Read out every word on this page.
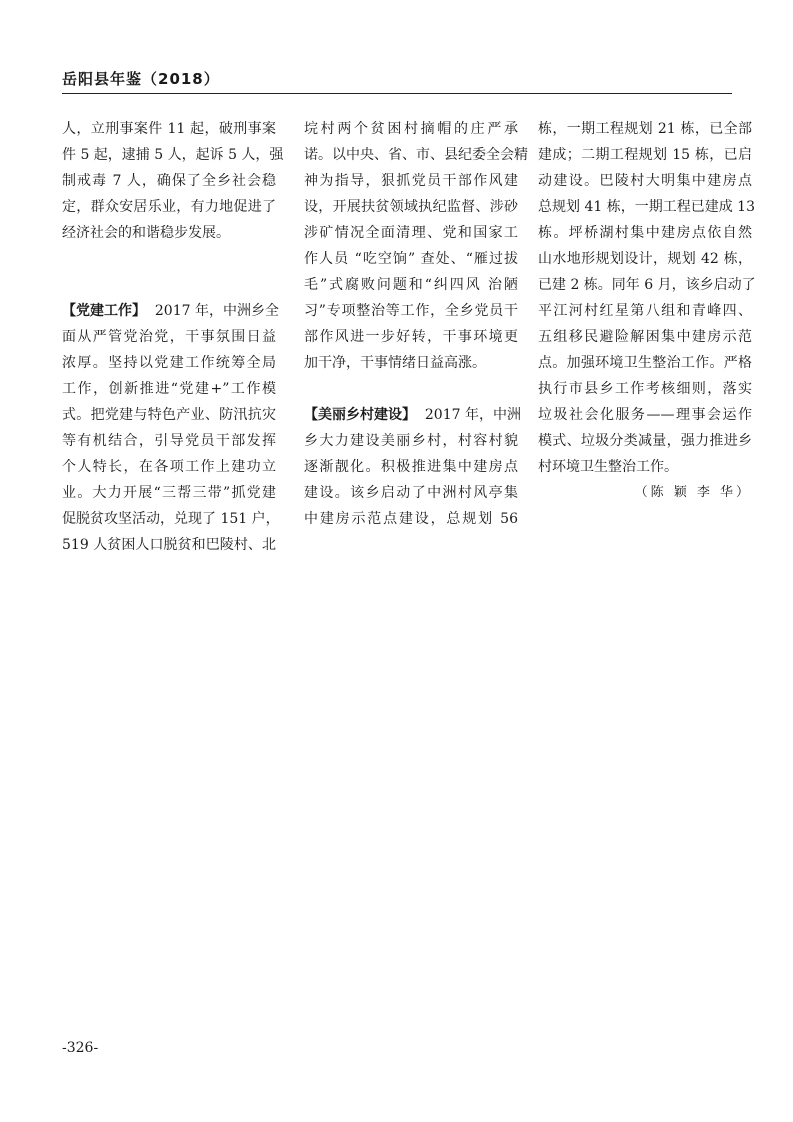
岳阳县年鉴（2018）

人，立刑事案件 11 起，破刑事案

件 5 起，逮捕 5 人，起诉 5 人，强

制戒毒 7 人，确保了全乡社会稳

定，群众安居乐业，有力地促进了

经济社会的和谐稳步发展。

【党建工作】  2017 年，中洲乡全

面从严管党治党，干事氛围日益

浓厚。坚持以党建工作统筹全局

工作，创新推进“党建+”工作模

式。把党建与特色产业、防汛抗灾

等有机结合，引导党员干部发挥

个人特长，在各项工作上建功立

业。大力开展“三帮三带”抓党建

促脱贫攻坚活动，兑现了 151 户，

519 人贫困人口脱贫和巴陵村、北

垸村两个贫困村摘帽的庄严承

诺。以中央、省、市、县纪委全会精

神为指导，狠抓党员干部作风建

设，开展扶贫领域执纪监督、涉砂

涉矿情况全面清理、党和国家工

作人员 “吃空饷” 查处、“雁过拔

毛”式腐败问题和“纠四风 治陋

习”专项整治等工作，全乡党员干

部作风进一步好转，干事环境更

加干净，干事情绪日益高涨。

【美丽乡村建设】  2017 年，中洲

乡大力建设美丽乡村，村容村貌

逐渐靓化。积极推进集中建房点

建设。该乡启动了中洲村风亭集

中建房示范点建设，总规划 56

栋，一期工程规划 21 栋，已全部

建成；二期工程规划 15 栋，已启

动建设。巴陵村大明集中建房点

总规划 41 栋，一期工程已建成 13

栋。坪桥湖村集中建房点依自然

山水地形规划设计，规划 42 栋，

已建 2 栋。同年 6 月，该乡启动了

平江河村红星第八组和青峰四、

五组移民避险解困集中建房示范

点。加强环境卫生整治工作。严格

执行市县乡工作考核细则，落实

垃圾社会化服务——理事会运作

模式、垃圾分类减量，强力推进乡

村环境卫生整治工作。

（陈 颖 李 华）

-326-
